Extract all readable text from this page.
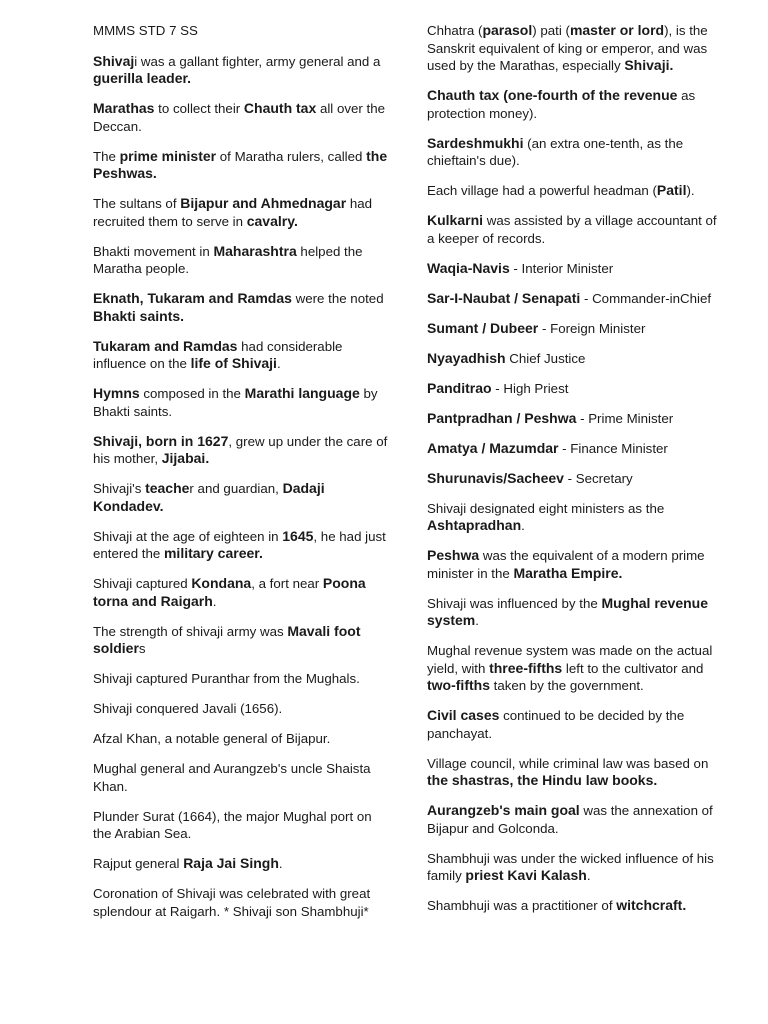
MMMS STD 7 SS

Shivaji was a gallant fighter, army general and a guerilla leader.

Marathas to collect their Chauth tax all over the Deccan.

The prime minister of Maratha rulers, called the Peshwas.

The sultans of Bijapur and Ahmednagar had recruited them to serve in cavalry.

Bhakti movement in Maharashtra helped the Maratha people.

Eknath, Tukaram and Ramdas were the noted Bhakti saints.

Tukaram and Ramdas had considerable influence on the life of Shivaji.

Hymns composed in the Marathi language by Bhakti saints.

Shivaji, born in 1627, grew up under the care of his mother, Jijabai.

Shivaji's teacher and guardian, Dadaji Kondadev.

Shivaji at the age of eighteen in 1645, he had just entered the military career.

Shivaji captured Kondana, a fort near Poona torna and Raigarh.

The strength of shivaji army was Mavali foot soldiers

Shivaji captured Puranthar from the Mughals.

Shivaji conquered Javali (1656).

Afzal Khan, a notable general of Bijapur.

Mughal general and Aurangzeb's uncle Shaista Khan.

Plunder Surat (1664), the major Mughal port on the Arabian Sea.

Rajput general Raja Jai Singh.

Coronation of Shivaji was celebrated with great splendour at Raigarh. * Shivaji son Shambhuji*

Chhatra (parasol) pati (master or lord), is the Sanskrit equivalent of king or emperor, and was used by the Marathas, especially Shivaji.

Chauth tax (one-fourth of the revenue as protection money).

Sardeshmukhi (an extra one-tenth, as the chieftain's due).

Each village had a powerful headman (Patil).

Kulkarni was assisted by a village accountant of a keeper of records.

Waqia-Navis - Interior Minister

Sar-I-Naubat / Senapati - Commander-inChief

Sumant / Dubeer - Foreign Minister

Nyayadhish Chief Justice

Panditrao - High Priest

Pantpradhan / Peshwa - Prime Minister

Amatya / Mazumdar - Finance Minister

Shurunavis/Sacheev - Secretary

Shivaji designated eight ministers as the Ashtapradhan.

Peshwa was the equivalent of a modern prime minister in the Maratha Empire.

Shivaji was influenced by the Mughal revenue system.

Mughal revenue system was made on the actual yield, with three-fifths left to the cultivator and two-fifths taken by the government.

Civil cases continued to be decided by the panchayat.

Village council, while criminal law was based on the shastras, the Hindu law books.

Aurangzeb's main goal was the annexation of Bijapur and Golconda.

Shambhuji was under the wicked influence of his family priest Kavi Kalash.

Shambhuji was a practitioner of witchcraft.
